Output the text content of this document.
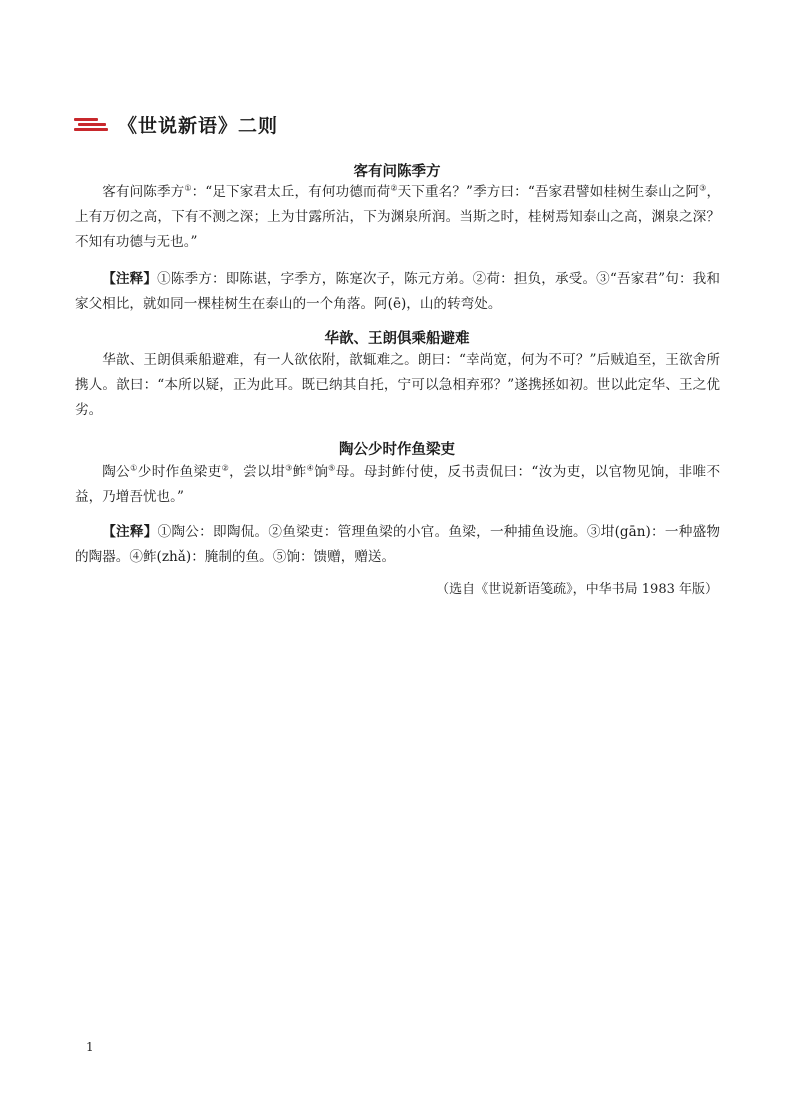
《世说新语》二则
客有问陈季方
客有问陈季方①：“足下家君太丘，有何功德而荷②天下重名？”季方曰：“吾家君譬如桂树生泰山之阿③，上有万仞之高，下有不测之深；上为甘露所沾，下为渊泉所润。当斯之时，桂树焉知泰山之高，渊泉之深？不知有功德与无也。”
【注释】①陈季方：即陈谌，字季方，陈寔次子，陈元方弟。②荷：担负，承受。③“吾家君”句：我和家父相比，就如同一棵桂树生在泰山的一个角落。阿(ē)，山的转弯处。
华歆、王朗俱乘船避难
华歆、王朗俱乘船避难，有一人欲依附，歆辄难之。朗曰：“幸尚宽，何为不可？”后贼追至，王欲舍所携人。歆曰：“本所以疑，正为此耳。既已纳其自托，宁可以急相弃邪？”遂携拯如初。世以此定华、王之优劣。
陶公少时作鱼梁吏
陶公①少时作鱼梁吏②，尝以坩③鲊④饷⑤母。母封鲊付使，反书责侃曰：“汝为吏，以官物见饷，非唯不益，乃增吾忧也。”
【注释】①陶公：即陶侃。②鱼梁吏：管理鱼梁的小官。鱼梁，一种捕鱼设施。③坩(gān)：一种盛物的陶器。④鲊(zhǎ)：腌制的鱼。⑤饷：馈赠，赠送。
（选自《世说新语笺疏》，中华书局 1983 年版）
1
